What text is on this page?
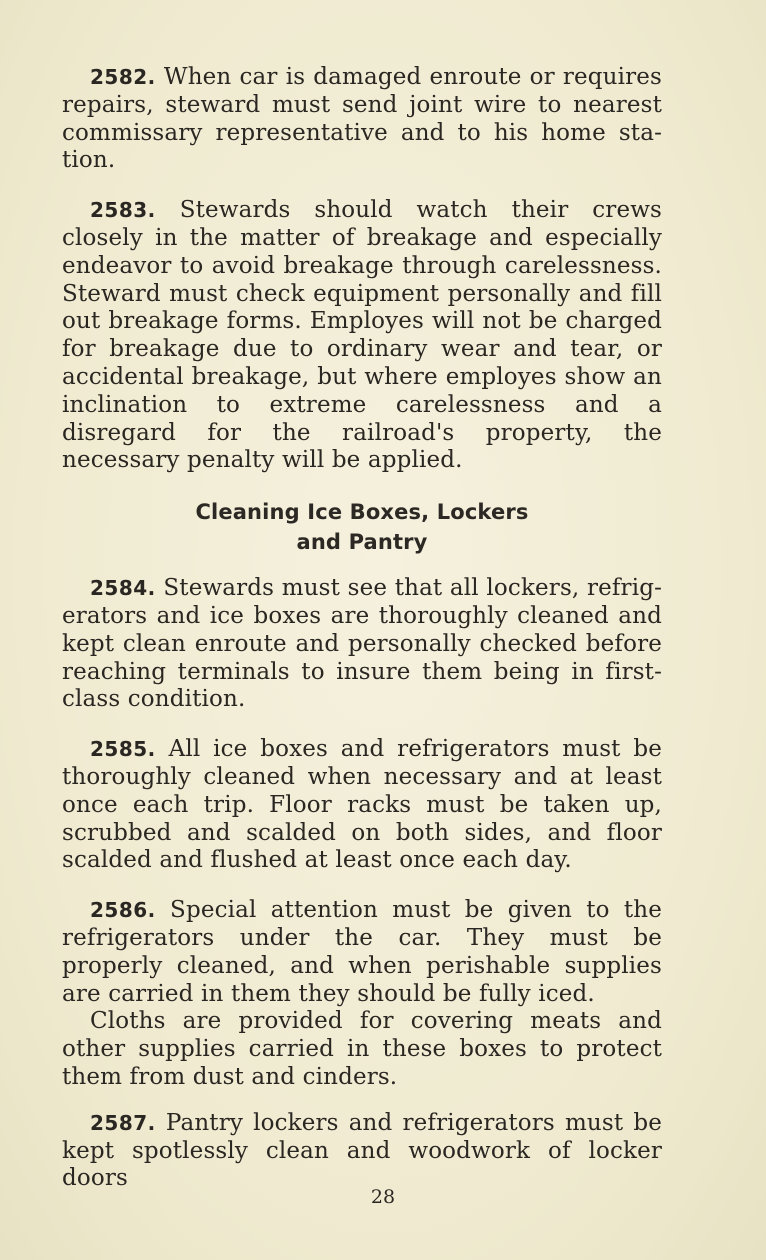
2582. When car is damaged enroute or requires repairs, steward must send joint wire to nearest commissary representative and to his home sta-tion.

2583. Stewards should watch their crews closely in the matter of breakage and especially endeavor to avoid breakage through carelessness. Steward must check equipment personally and fill out breakage forms. Employes will not be charged for breakage due to ordinary wear and tear, or accidental breakage, but where employes show an inclination to extreme carelessness and a disregard for the railroad's property, the necessary penalty will be applied.

Cleaning Ice Boxes, Lockers
and Pantry

2584. Stewards must see that all lockers, refrig-erators and ice boxes are thoroughly cleaned and kept clean enroute and personally checked before reaching terminals to insure them being in first-class condition.

2585. All ice boxes and refrigerators must be thoroughly cleaned when necessary and at least once each trip. Floor racks must be taken up, scrubbed and scalded on both sides, and floor scalded and flushed at least once each day.

2586. Special attention must be given to the refrigerators under the car. They must be properly cleaned, and when perishable supplies are carried in them they should be fully iced.

Cloths are provided for covering meats and other supplies carried in these boxes to protect them from dust and cinders.

2587. Pantry lockers and refrigerators must be kept spotlessly clean and woodwork of locker doors

28
